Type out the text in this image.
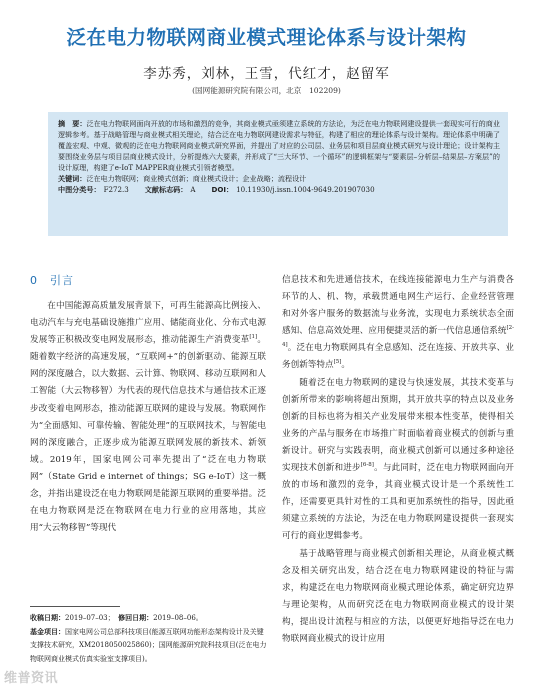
泛在电力物联网商业模式理论体系与设计架构
李苏秀，刘林，王雪，代红才，赵留军
(国网能源研究院有限公司，北京　102209)

摘　要：泛在电力物联网面向开放的市场和激烈的竞争，其商业模式亟须建立系统的方法论，为泛在电力物联网建设提供一套现实可行的商业逻辑参考。基于战略管理与商业模式相关理论，结合泛在电力物联网建设需求与特征，构建了相应的理论体系与设计架构。理论体系中明确了覆盖宏观、中观、微观的泛在电力物联网商业模式研究界面，并提出了对应的公司层、业务层和项目层商业模式研究与设计理论；设计架构主要围绕业务层与项目层商业模式设计，分析提炼六大要素，并形成了“三大环节、一个循环”的逻辑框架与“要素层–分析层–结果层–方案层”的设计原理，构建了e-IoT MAPPER商业模式引领者模型。

关键词：泛在电力物联网；商业模式创新；商业模式设计；企业战略；流程设计

中图分类号： F272.3 文献标志码： A DOI： 10.11930/j.issn.1004-9649.201907030
0　 引言

在中国能源高质量发展背景下，可再生能源高比例接入、电动汽车与充电基础设施推广应用、储能商业化、分布式电源发展等正积极改变电网发展形态，推动能源生产消费变革[1]。随着数字经济的高速发展，“互联网+”的创新驱动、能源互联网的深度融合，以大数据、云计算、物联网、移动互联网和人工智能（大云物移智）为代表的现代信息技术与通信技术正逐步改变着电网形态，推动能源互联网的建设与发展。物联网作为“全面感知、可靠传输、智能处理”的互联网技术，与智能电网的深度融合，正逐步成为能源互联网发展的新技术、新领域。2019年，国家电网公司率先提出了“泛在电力物联网”（State Grid e internet of things；SG e-IoT）这一概念，并指出建设泛在电力物联网是能源互联网的重要举措。泛在电力物联网是泛在物联网在电力行业的应用落地，其应用“大云物移智”等现代

信息技术和先进通信技术，在线连接能源电力生产与消费各环节的人、机、物，承载贯通电网生产运行、企业经营管理和对外客户服务的数据流与业务流，实现电力系统状态全面感知、信息高效处理、应用便捷灵活的新一代信息通信系统[2-4]。泛在电力物联网具有全息感知、泛在连接、开放共享、业务创新等特点[5]。

随着泛在电力物联网的建设与快速发展，其技术变革与创新所带来的影响将超出预期，其开放共享的特点以及业务创新的目标也将为相关产业发展带来根本性变革，使得相关业务的产品与服务在市场推广时面临着商业模式的创新与重新设计。研究与实践表明，商业模式创新可以通过多种途径实现技术创新和进步[6-8]。与此同时，泛在电力物联网面向开放的市场和激烈的竞争，其商业模式设计是一个系统性工作，还需要更具针对性的工具和更加系统性的指导，因此亟须建立系统的方法论，为泛在电力物联网建设提供一套现实可行的商业逻辑参考。

基于战略管理与商业模式创新相关理论，从商业模式概念及相关研究出发，结合泛在电力物联网建设的特征与需求，构建泛在电力物联网商业模式理论体系，确定研究边界与理论架构，从而研究泛在电力物联网商业模式的设计架构，提出设计流程与相应的方法，以便更好地指导泛在电力物联网商业模式的设计应用

收稿日期：2019–07–03；　 修回日期：2019–08–06。

基金项目：国家电网公司总部科技项目(能源互联网功能形态架构设计及关键支撑技术研究，XM2018050025860)；国网能源研究院科技项目(泛在电力物联网商业模式仿真实验室支撑项目)。

维普资讯
